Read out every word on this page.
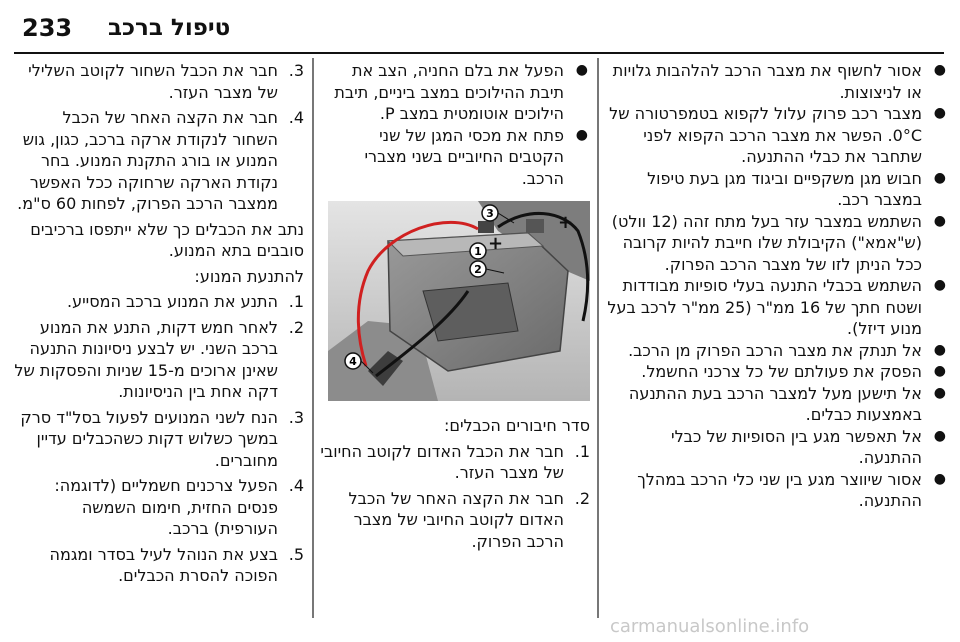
233 טיפול ברכב
● אסור לחשוף את מצבר הרכב להלהבות גלויות או לניצוצות.
● מצבר רכב פרוק עלול לקפוא בטמפרטורה של 0°C. הפשר את מצבר הרכב הקפוא לפני שתחבר את כבלי ההתנעה.
● חבוש מגן משקפיים וביגוד מגן בעת טיפול במצבר רכב.
● השתמש במצבר עזר בעל מתח זהה (12 וולט) (ש"אמא") הקיבולת שלו חייבת להיות קרובה ככל הניתן לזו של מצבר הרכב הפרוק.
● השתמש בכבלי התנעה בעלי סופיות מבודדות ושטח חתך של 16 ממ"ר (25 ממ"ר לרכב בעל מנוע דיזל).
● אל תנתק את מצבר הרכב הפרוק מן הרכב.
● הפסק את פעולתם של כל צרכני החשמל.
● אל תישען מעל למצבר הרכב בעת ההתנעה באמצעות כבלים.
● אל תאפשר מגע בין הסופיות של כבלי ההתנעה.
● אסור שיווצר מגע בין שני כלי הרכב במהלך ההתנעה.
● הפעל את בלם החניה, הצב את תיבת ההילוכים במצב ביניים, תיבת הילוכים אוטומטית במצב P.
● פתח את מכסי המגן של שני הקטבים החיוביים בשני מצברי הרכב.
3
2
1
4
+
+

סדר חיבורים הכבלים:

1.
חבר את הכבל האדום לקוטב החיובי של מצבר העזר.
2.
חבר את הקצה האחר של הכבל האדום לקוטב החיובי של מצבר הרכב הפרוק.
3.
חבר את הכבל השחור לקוטב השלילי של מצבר העזר.
4.
חבר את הקצה האחר של הכבל השחור לנקודת ארקה ברכב, כגון, גוש המנוע או בורג התקנת המנוע. בחר נקודת הארקה שרחוקה ככל האפשר ממצבר הרכב הפרוק, לפחות 60 ס"מ.

נתב את הכבלים כך שלא ייתפסו ברכיבים סובבים בתא המנוע.

להתנעת המנוע:

1.
התנע את המנוע ברכב המסייע.
2.
לאחר חמש דקות, התנע את המנוע ברכב השני. יש לבצע ניסיונות התנעה שאינן ארוכים מ-15 שניות והפסקות של דקה אחת בין הניסיונות.
3.
הנח לשני המנועים לפעול בסל"ד סרק במשך כשלוש דקות כשהכבלים עדיין מחוברים.
4.
הפעל צרכנים חשמליים (לדוגמה: פנסים החזית, חימום השמשה העורפית) ברכב.
5.
בצע את הנוהל לעיל בסדר ומגמה הפוכה להסרת הכבלים.
carmanualsonline.info
